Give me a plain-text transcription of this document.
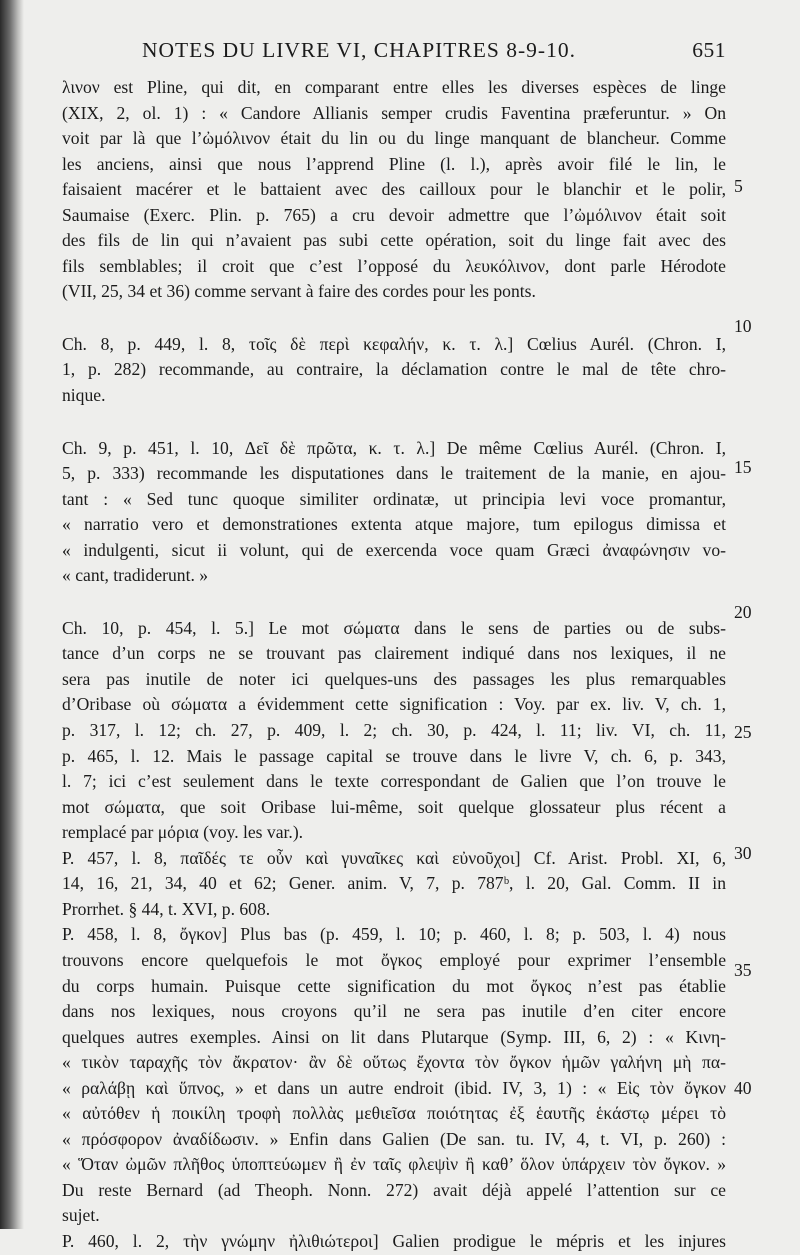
NOTES DU LIVRE VI, CHAPITRES 8-9-10.	651
λινον est Pline, qui dit, en comparant entre elles les diverses espèces de linge
(XIX, 2, ol. 1) : « Candore Allianis semper crudis Faventina præferuntur. » On
voit par là que l’ὠμόλινον était du lin ou du linge manquant de blancheur. Comme
les anciens, ainsi que nous l’apprend Pline (l. l.), après avoir filé le lin, le
faisaient macérer et le battaient avec des cailloux pour le blanchir et le polir,
Saumaise (Exerc. Plin. p. 765) a cru devoir admettre que l’ὠμόλινον était soit
des fils de lin qui n’avaient pas subi cette opération, soit du linge fait avec des
fils semblables; il croit que c’est l’opposé du λευκόλινον, dont parle Hérodote
(VII, 25, 34 et 36) comme servant à faire des cordes pour les ponts.
Ch. 8, p. 449, l. 8, τοῖς δὲ περὶ κεφαλήν, κ. τ. λ.] Cœlius Aurél. (Chron. I,
1, p. 282) recommande, au contraire, la déclamation contre le mal de tête chro-
nique.
Ch. 9, p. 451, l. 10, Δεῖ δὲ πρῶτα, κ. τ. λ.] De même Cœlius Aurél. (Chron. I,
5, p. 333) recommande les disputationes dans le traitement de la manie, en ajou-
tant : « Sed tunc quoque similiter ordinatæ, ut principia levi voce promantur,
« narratio vero et demonstrationes extenta atque majore, tum epilogus dimissa et
« indulgenti, sicut ii volunt, qui de exercenda voce quam Græci ἀναφώνησιν vo-
« cant, tradiderunt. »
Ch. 10, p. 454, l. 5.] Le mot σώματα dans le sens de parties ou de subs-
tance d’un corps ne se trouvant pas clairement indiqué dans nos lexiques, il ne
sera pas inutile de noter ici quelques-uns des passages les plus remarquables
d’Oribase où σώματα a évidemment cette signification : Voy. par ex. liv. V, ch. 1,
p. 317, l. 12; ch. 27, p. 409, l. 2; ch. 30, p. 424, l. 11; liv. VI, ch. 11,
p. 465, l. 12. Mais le passage capital se trouve dans le livre V, ch. 6, p. 343,
l. 7; ici c’est seulement dans le texte correspondant de Galien que l’on trouve le
mot σώματα, que soit Oribase lui-même, soit quelque glossateur plus récent a
remplacé par μόρια (voy. les var.).
P. 457, l. 8, παῖδές τε οὖν καὶ γυναῖκες καὶ εὐνοῦχοι] Cf. Arist. Probl. XI, 6,
14, 16, 21, 34, 40 et 62; Gener. anim. V, 7, p. 787ᵇ, l. 20, Gal. Comm. II in
Prorrhet. § 44, t. XVI, p. 608.
P. 458, l. 8, ὄγκον] Plus bas (p. 459, l. 10; p. 460, l. 8; p. 503, l. 4) nous
trouvons encore quelquefois le mot ὄγκος employé pour exprimer l’ensemble
du corps humain. Puisque cette signification du mot ὄγκος n’est pas établie
dans nos lexiques, nous croyons qu’il ne sera pas inutile d’en citer encore
quelques autres exemples. Ainsi on lit dans Plutarque (Symp. III, 6, 2) : « Κινη-
« τικὸν ταραχῆς τὸν ἄκρατον· ἂν δὲ οὕτως ἔχοντα τὸν ὄγκον ἡμῶν γαλήνη μὴ πα-
« ραλάβῃ καὶ ὕπνος, » et dans un autre endroit (ibid. IV, 3, 1) : « Εἰς τὸν ὄγκον
« αὐτόθεν ἡ ποικίλη τροφὴ πολλὰς μεθιεῖσα ποιότητας ἐξ ἑαυτῆς ἑκάστῳ μέρει τὸ
« πρόσφορον ἀναδίδωσιν. » Enfin dans Galien (De san. tu. IV, 4, t. VI, p. 260) :
« Ὅταν ὠμῶν πλῆθος ὑποπτεύωμεν ἢ ἐν ταῖς φλεψὶν ἢ καθ’ ὅλον ὑπάρχειν τὸν ὄγκον. »
Du reste Bernard (ad Theoph. Nonn. 272) avait déjà appelé l’attention sur ce
sujet.
P. 460, l. 2, τὴν γνώμην ἠλιθιώτεροι] Galien prodigue le mépris et les injures
5
10
15
20
25
30
35
40
